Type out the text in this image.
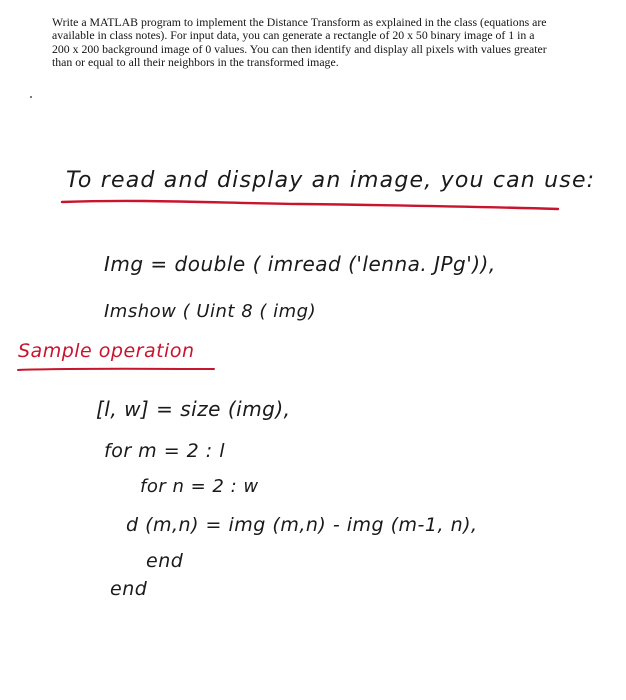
Write a MATLAB program to implement the Distance Transform as explained in the class (equations are

available in class notes). For input data, you can generate a rectangle of 20 x 50 binary image of 1 in a

200 x 200 background image of 0 values. You can then identify and display all pixels with values greater

than or equal to all their neighbors in the transformed image.

To read and display an image, you can use:
Img = double ( imread ('lenna. JPg')),
Imshow ( Uint 8 ( img)
Sample operation
[l, w] = size (img),
for m = 2 : l
for n = 2 : w
d (m,n) = img (m,n) - img (m-1, n),
end
end
